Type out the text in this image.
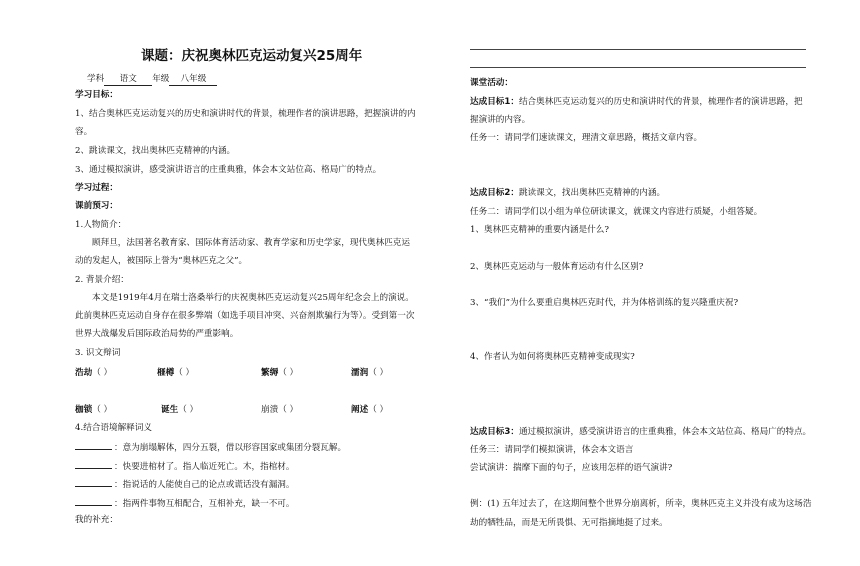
课题：庆祝奥林匹克运动复兴25周年
学科 语文 年级 八年级
学习目标：
1、结合奥林匹克运动复兴的历史和演讲时代的背景，梳理作者的演讲思路，把握演讲的内
容。
2、跳读课文，找出奥林匹克精神的内涵。
3、通过模拟演讲，感受演讲语言的庄重典雅，体会本文站位高、格局广的特点。
学习过程：
课前预习：
1.人物简介：
顾拜旦，法国著名教育家、国际体育活动家、教育学家和历史学家，现代奥林匹克运
动的发起人，被国际上誉为“奥林匹克之父”。
2. 背景介绍：
本文是1919年4月在瑞士洛桑举行的庆祝奥林匹克运动复兴25周年纪念会上的演说。
此前奥林匹克运动自身存在很多弊端（如选手项目冲突、兴奋剂欺骗行为等）。受到第一次
世界大战爆发后国际政治局势的严重影响。
3. 识文辩词
浩劫（ ）	榧樽（ ）	繁缛（ ）	濡润（ ）
枷锁（ ）	诞生（ ）	崩溃（ ）	阐述（ ）
4.结合语境解释词义
：意为崩塌解体，四分五裂，借以形容国家或集团分裂瓦解。
：快要进棺材了。指人临近死亡。木，指棺材。
：指说话的人能使自己的论点或谎话没有漏洞。
：指两件事物互相配合，互相补充，缺一不可。
我的补充：
课堂活动：
达成目标1：结合奥林匹克运动复兴的历史和演讲时代的背景，梳理作者的演讲思路，把
握演讲的内容。
任务一：请同学们速读课文，理清文章思路，概括文章内容。
达成目标2：跳读课文，找出奥林匹克精神的内涵。
任务二：请同学们以小组为单位研读课文，就课文内容进行质疑，小组答疑。
1、奥林匹克精神的重要内涵是什么?
2、奥林匹克运动与一般体育运动有什么区别?
3、“我们”为什么要重启奥林匹克时代，并为体格训练的复兴隆重庆祝?
4、作者认为如何将奥林匹克精神变成现实?
达成目标3：通过模拟演讲，感受演讲语言的庄重典雅，体会本文站位高、格局广的特点。
任务三：请同学们模拟演讲，体会本文语言
尝试演讲：揣摩下面的句子，应该用怎样的语气演讲?
例：(1) 五年过去了，在这期间整个世界分崩离析，所幸，奥林匹克主义并没有成为这场浩
劫的牺牲品，而是无所畏惧、无可指摘地挺了过来。
